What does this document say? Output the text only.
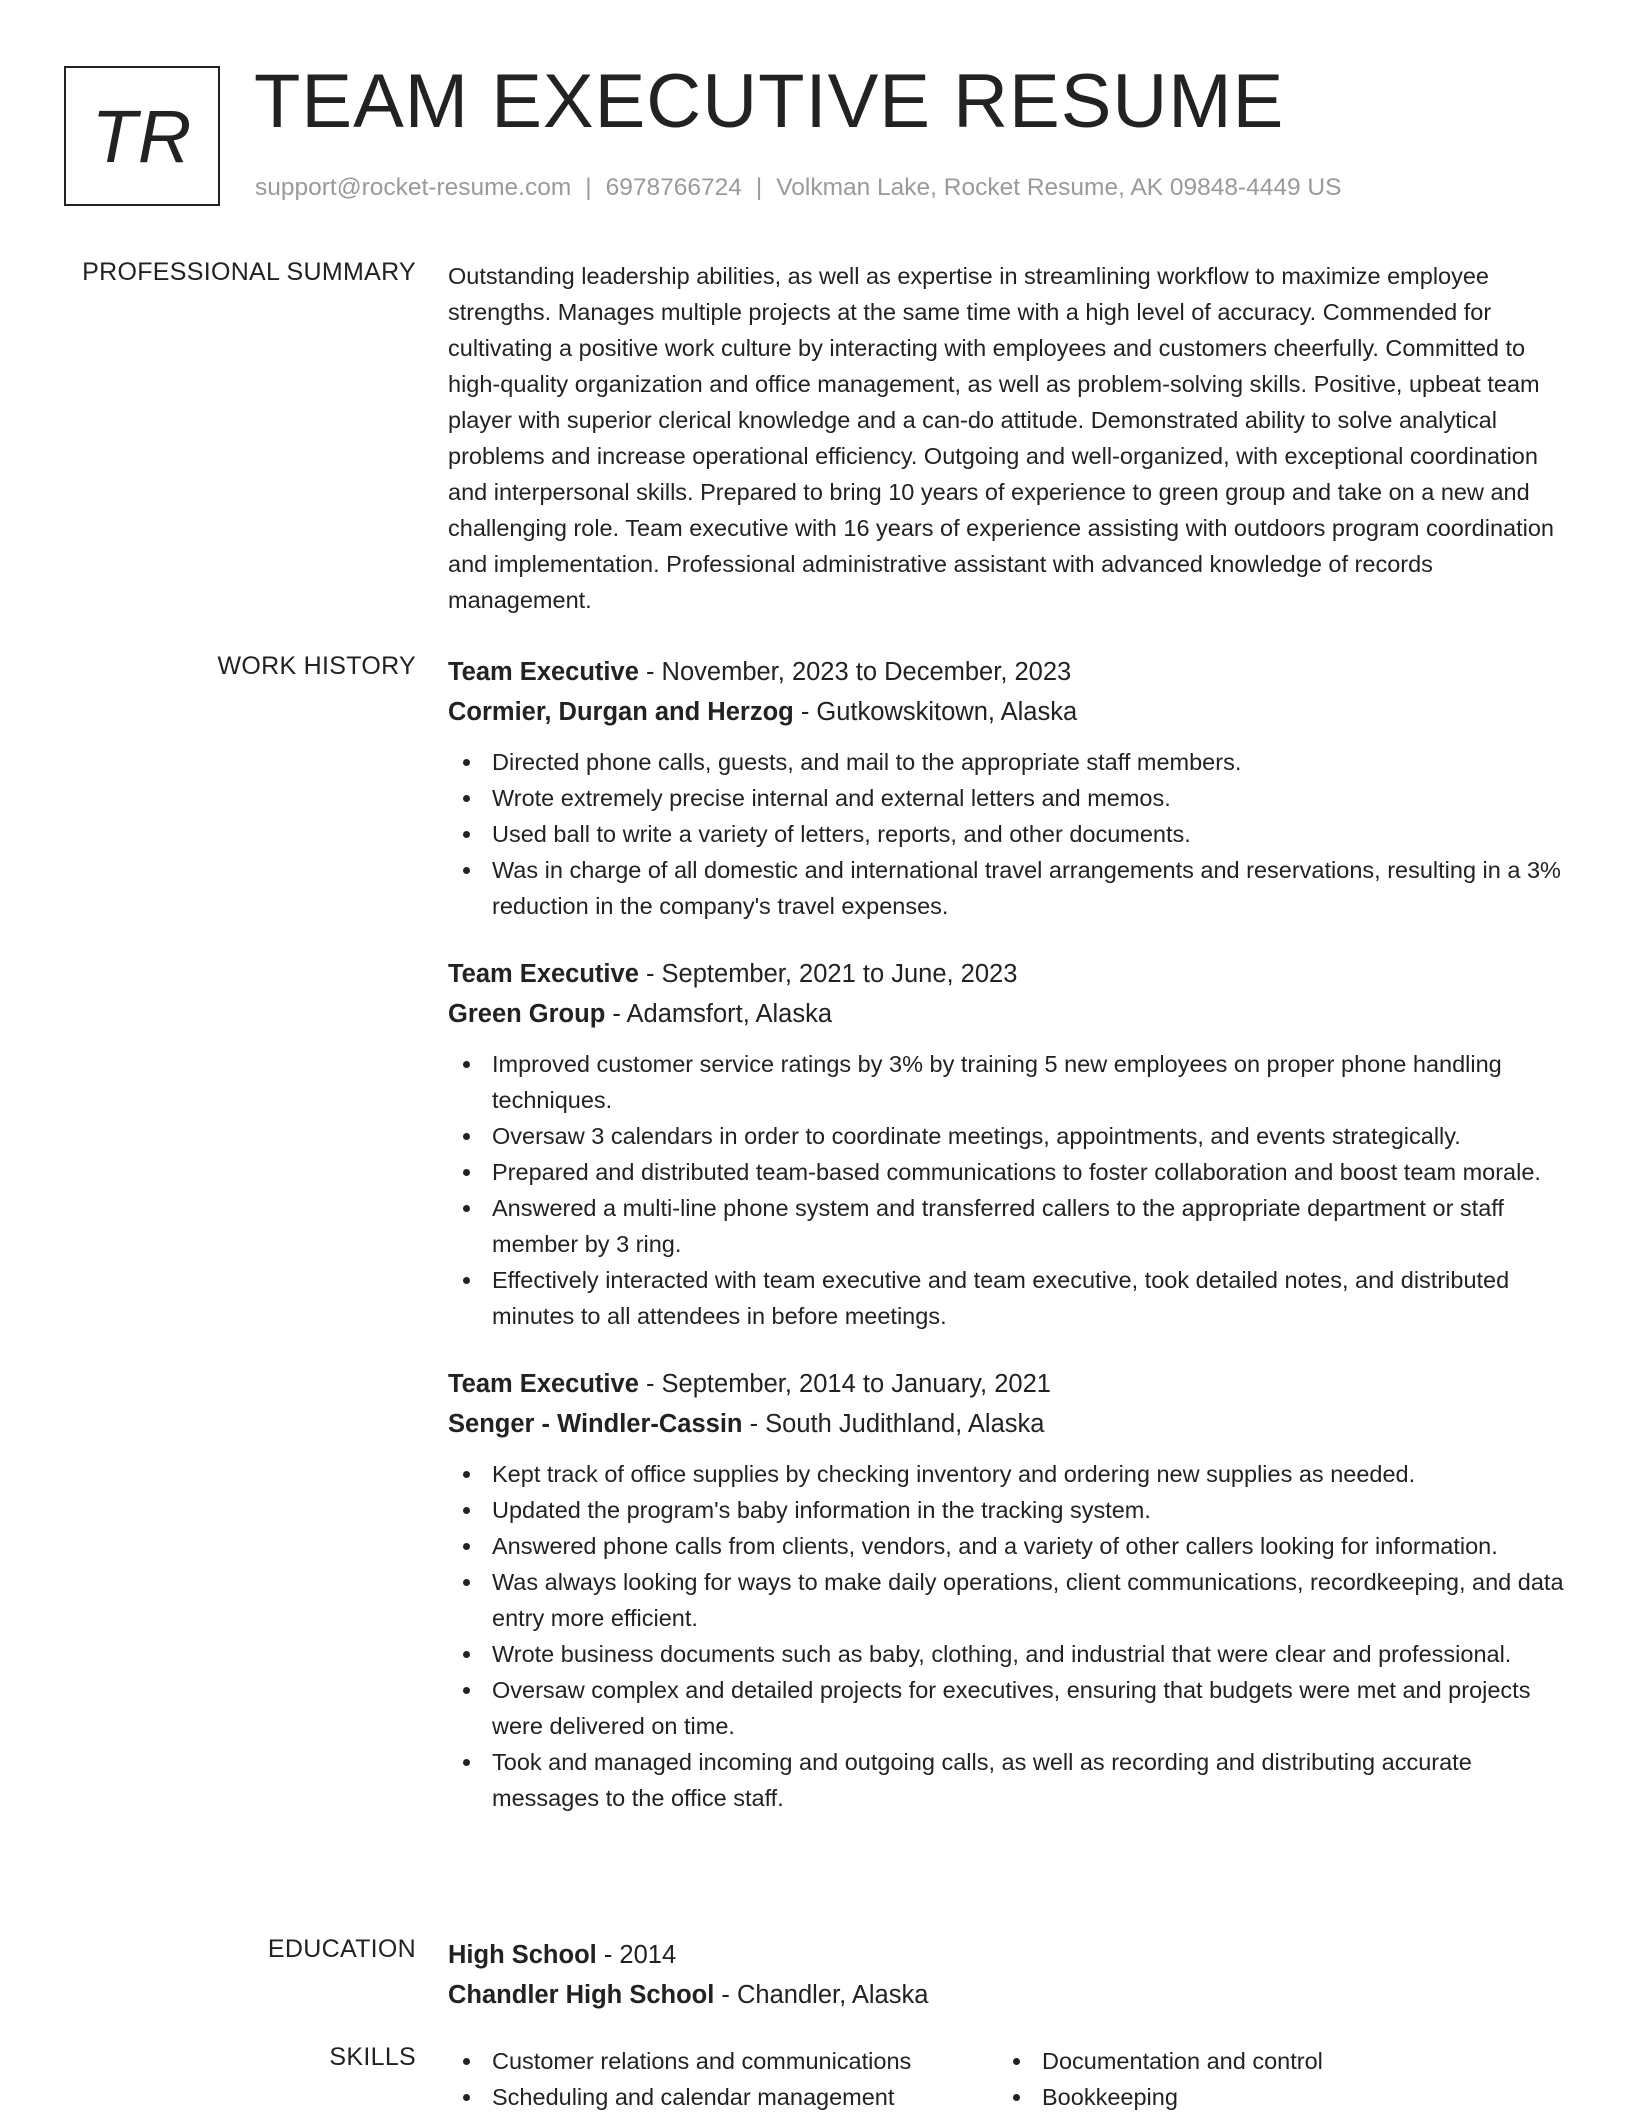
TR TEAM EXECUTIVE RESUME
support@rocket-resume.com | 6978766724 | Volkman Lake, Rocket Resume, AK 09848-4449 US
PROFESSIONAL SUMMARY Outstanding leadership abilities, as well as expertise in streamlining workflow to maximize employee strengths. Manages multiple projects at the same time with a high level of accuracy. Commended for cultivating a positive work culture by interacting with employees and customers cheerfully. Committed to high-quality organization and office management, as well as problem-solving skills. Positive, upbeat team player with superior clerical knowledge and a can-do attitude. Demonstrated ability to solve analytical problems and increase operational efficiency. Outgoing and well-organized, with exceptional coordination and interpersonal skills. Prepared to bring 10 years of experience to green group and take on a new and challenging role. Team executive with 16 years of experience assisting with outdoors program coordination and implementation. Professional administrative assistant with advanced knowledge of records management.

WORK HISTORY Team Executive - November, 2023 to December, 2023
Cormier, Durgan and Herzog - Gutkowskitown, Alaska
Directed phone calls, guests, and mail to the appropriate staff members.
Wrote extremely precise internal and external letters and memos.
Used ball to write a variety of letters, reports, and other documents.
Was in charge of all domestic and international travel arrangements and reservations, resulting in a 3% reduction in the company's travel expenses.
Team Executive - September, 2021 to June, 2023
Green Group - Adamsfort, Alaska
Improved customer service ratings by 3% by training 5 new employees on proper phone handling techniques.
Oversaw 3 calendars in order to coordinate meetings, appointments, and events strategically.
Prepared and distributed team-based communications to foster collaboration and boost team morale.
Answered a multi-line phone system and transferred callers to the appropriate department or staff member by 3 ring.
Effectively interacted with team executive and team executive, took detailed notes, and distributed minutes to all attendees in before meetings.
Team Executive - September, 2014 to January, 2021
Senger - Windler-Cassin - South Judithland, Alaska
Kept track of office supplies by checking inventory and ordering new supplies as needed.
Updated the program's baby information in the tracking system.
Answered phone calls from clients, vendors, and a variety of other callers looking for information.
Was always looking for ways to make daily operations, client communications, recordkeeping, and data entry more efficient.
Wrote business documents such as baby, clothing, and industrial that were clear and professional.
Oversaw complex and detailed projects for executives, ensuring that budgets were met and projects were delivered on time.
Took and managed incoming and outgoing calls, as well as recording and distributing accurate messages to the office staff.
EDUCATION High School - 2014
Chandler High School - Chandler, Alaska
SKILLS	Customer relations and communications
Scheduling and calendar management
Documentation and control
Bookkeeping
